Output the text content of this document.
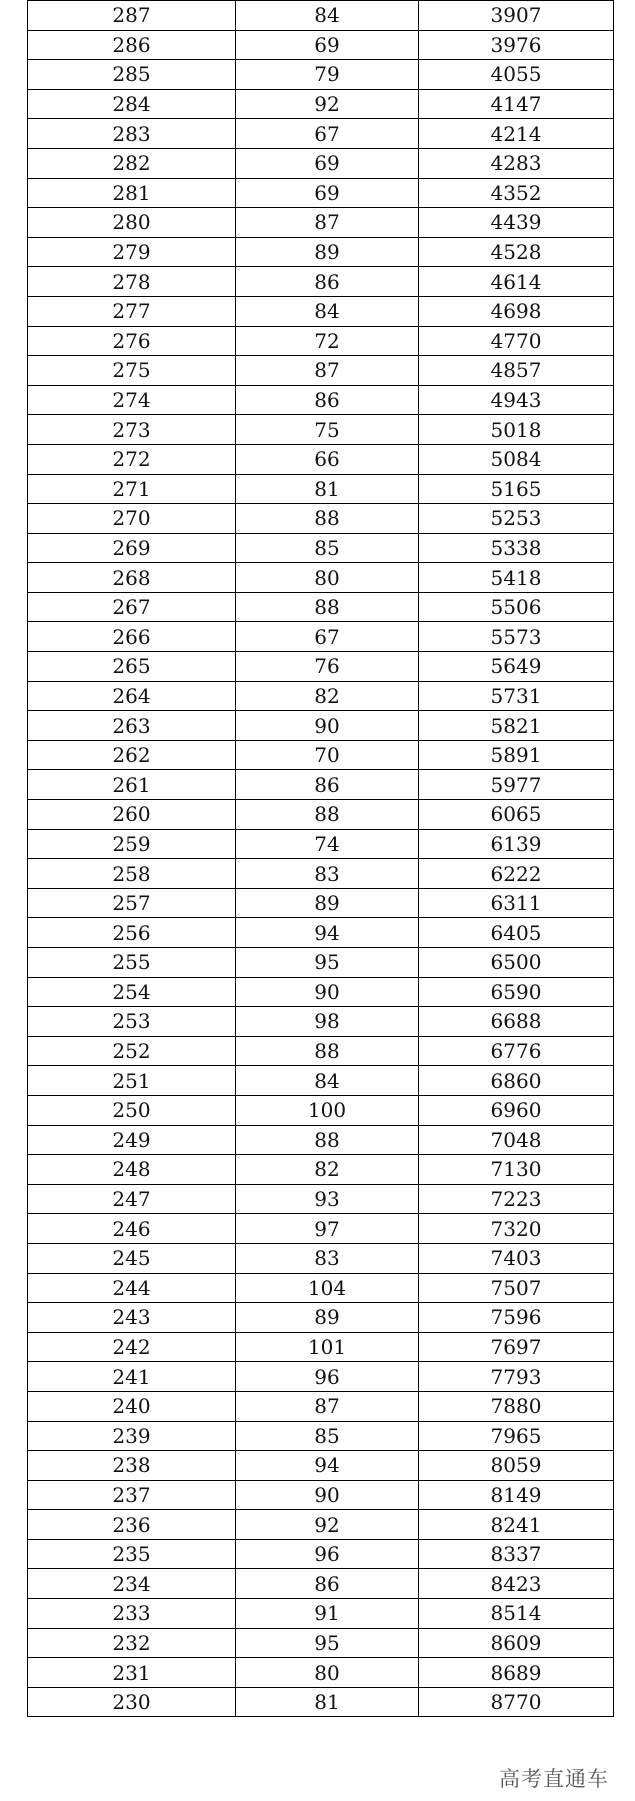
287	84	3907
286	69	3976
285	79	4055
284	92	4147
283	67	4214
282	69	4283
281	69	4352
280	87	4439
279	89	4528
278	86	4614
277	84	4698
276	72	4770
275	87	4857
274	86	4943
273	75	5018
272	66	5084
271	81	5165
270	88	5253
269	85	5338
268	80	5418
267	88	5506
266	67	5573
265	76	5649
264	82	5731
263	90	5821
262	70	5891
261	86	5977
260	88	6065
259	74	6139
258	83	6222
257	89	6311
256	94	6405
255	95	6500
254	90	6590
253	98	6688
252	88	6776
251	84	6860
250	100	6960
249	88	7048
248	82	7130
247	93	7223
246	97	7320
245	83	7403
244	104	7507
243	89	7596
242	101	7697
241	96	7793
240	87	7880
239	85	7965
238	94	8059
237	90	8149
236	92	8241
235	96	8337
234	86	8423
233	91	8514
232	95	8609
231	80	8689
230	81	8770
高考直通车
